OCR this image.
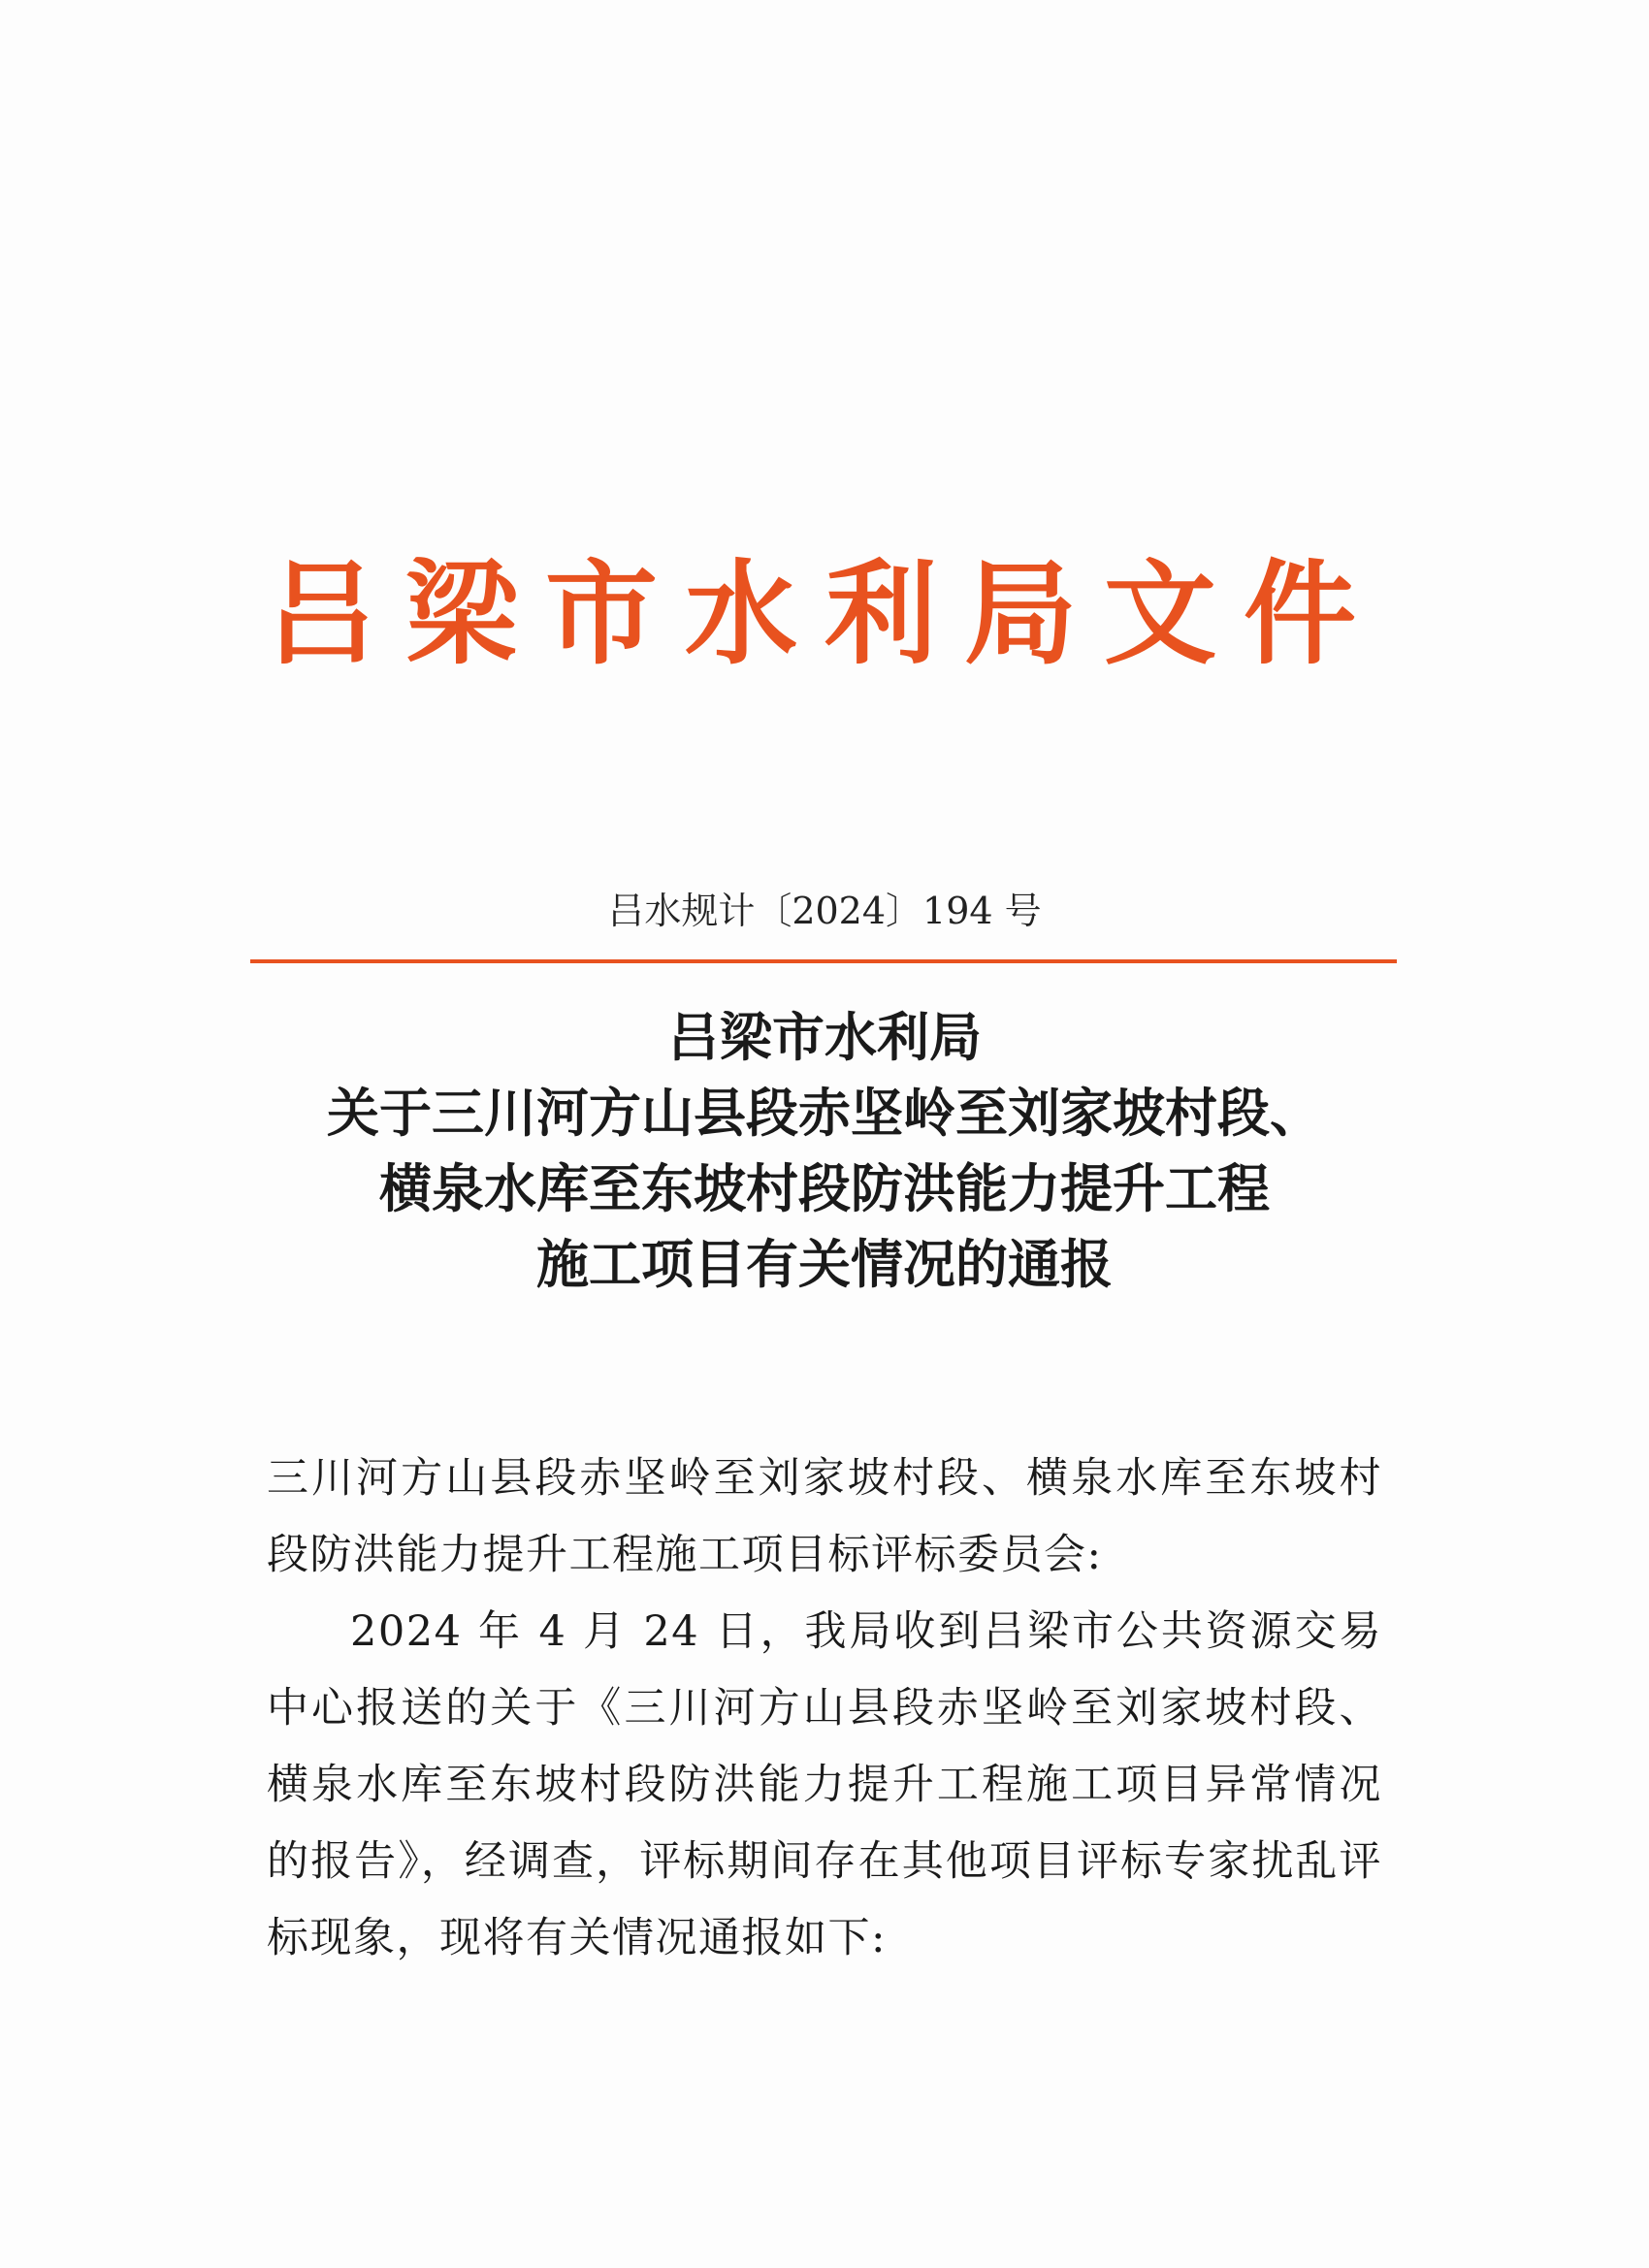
吕梁市水利局文件
吕水规计〔2024〕194 号
吕梁市水利局
关于三川河方山县段赤坚岭至刘家坡村段、
横泉水库至东坡村段防洪能力提升工程
施工项目有关情况的通报
三川河方山县段赤坚岭至刘家坡村段、横泉水库至东坡村段防洪能力提升工程施工项目标评标委员会:

2024 年 4 月 24 日，我局收到吕梁市公共资源交易中心报送的关于《三川河方山县段赤坚岭至刘家坡村段、横泉水库至东坡村段防洪能力提升工程施工项目异常情况的报告》，经调查，评标期间存在其他项目评标专家扰乱评标现象，现将有关情况通报如下:
